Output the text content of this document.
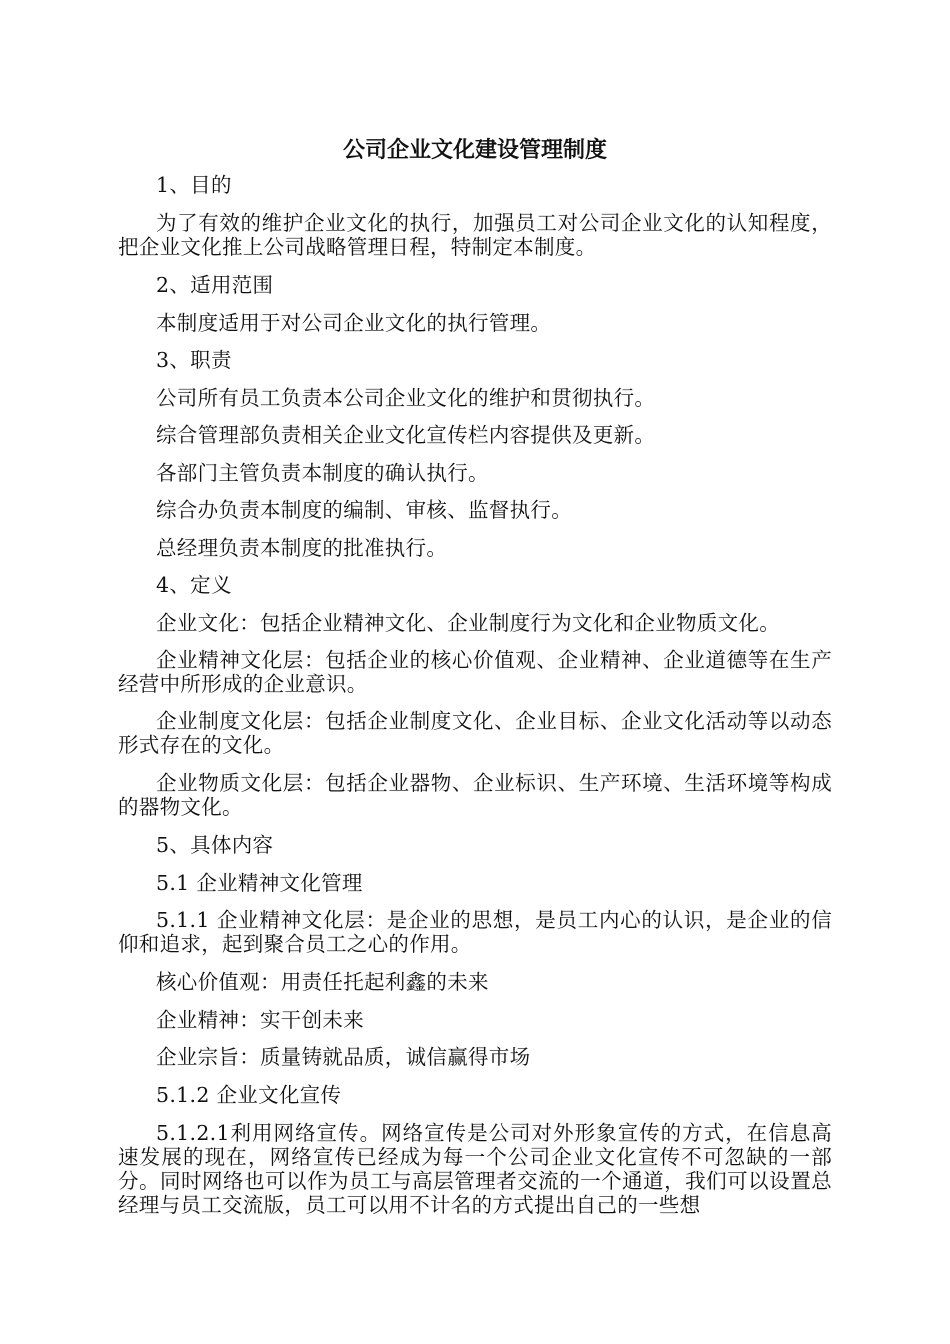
公司企业文化建设管理制度
1、目的
为了有效的维护企业文化的执行，加强员工对公司企业文化的认知程度，把企业文化推上公司战略管理日程，特制定本制度。
2、适用范围
本制度适用于对公司企业文化的执行管理。
3、职责
公司所有员工负责本公司企业文化的维护和贯彻执行。
综合管理部负责相关企业文化宣传栏内容提供及更新。
各部门主管负责本制度的确认执行。
综合办负责本制度的编制、审核、监督执行。
总经理负责本制度的批准执行。
4、定义
企业文化：包括企业精神文化、企业制度行为文化和企业物质文化。
企业精神文化层：包括企业的核心价值观、企业精神、企业道德等在生产经营中所形成的企业意识。
企业制度文化层：包括企业制度文化、企业目标、企业文化活动等以动态形式存在的文化。
企业物质文化层：包括企业器物、企业标识、生产环境、生活环境等构成的器物文化。
5、具体内容
5.1 企业精神文化管理
5.1.1 企业精神文化层：是企业的思想，是员工内心的认识，是企业的信仰和追求，起到聚合员工之心的作用。
核心价值观：用责任托起利鑫的未来
企业精神：实干创未来
企业宗旨：质量铸就品质，诚信赢得市场
5.1.2 企业文化宣传
5.1.2.1利用网络宣传。网络宣传是公司对外形象宣传的方式，在信息高速发展的现在，网络宣传已经成为每一个公司企业文化宣传不可忽缺的一部分。同时网络也可以作为员工与高层管理者交流的一个通道，我们可以设置总经理与员工交流版，员工可以用不计名的方式提出自己的一些想
